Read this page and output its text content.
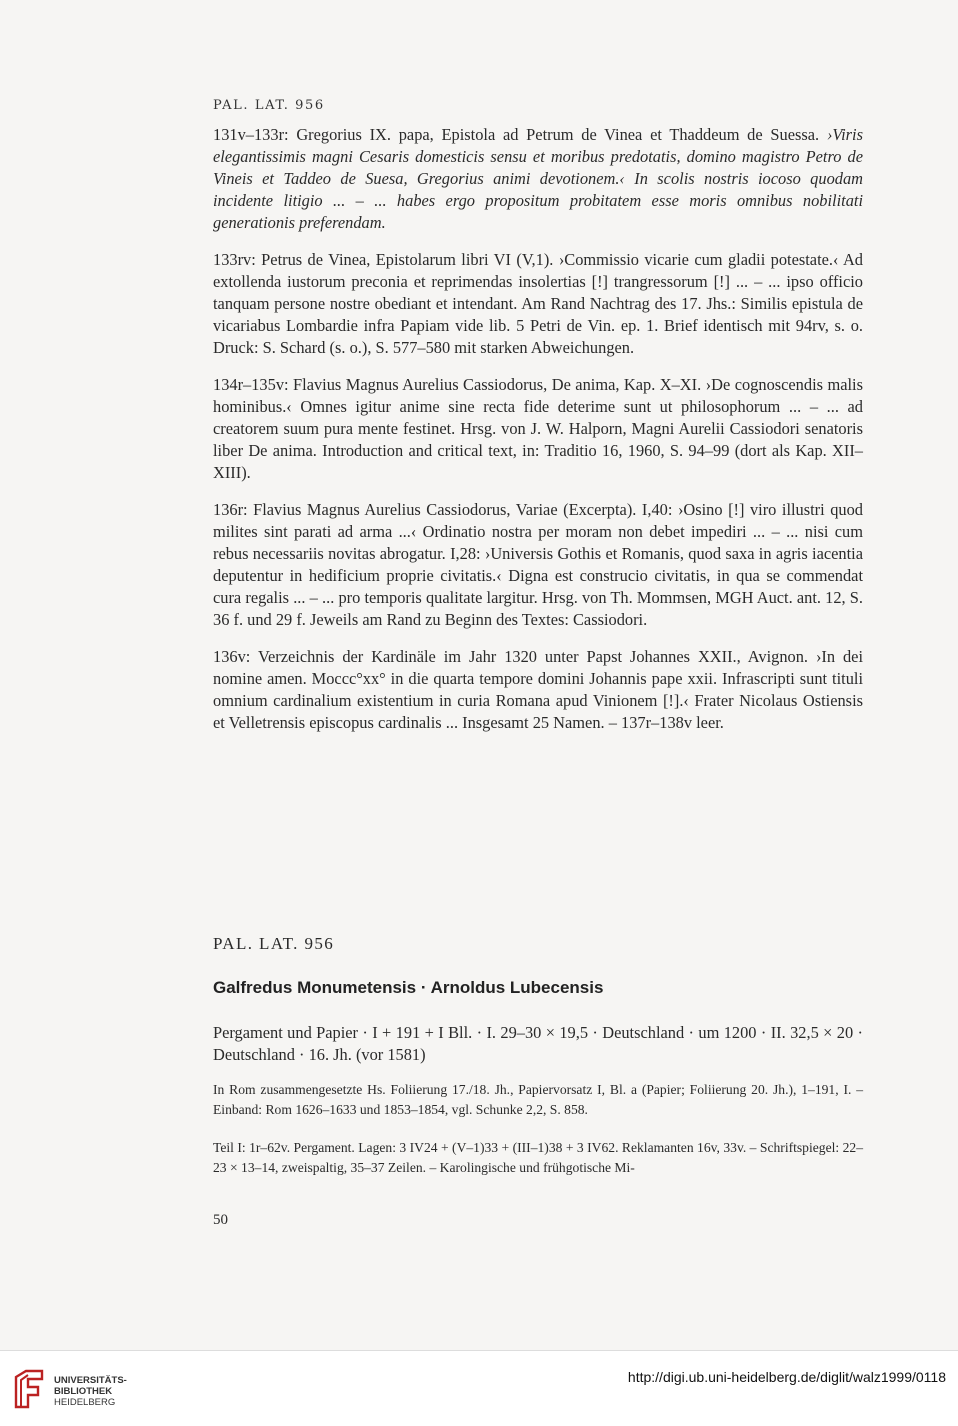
PAL. LAT. 956

131v–133r: Gregorius IX. papa, Epistola ad Petrum de Vinea et Thaddeum de Suessa. ›Viris elegantissimis magni Cesaris domesticis sensu et moribus predotatis, domino magistro Petro de Vineis et Taddeo de Suesa, Gregorius animi devotionem.‹ In scolis nostris iocoso quodam incidente litigio ... – ... habes ergo propositum probitatem esse moris omnibus nobilitati generationis preferendam.

133rv: Petrus de Vinea, Epistolarum libri VI (V,1). ›Commissio vicarie cum gladii potestate.‹ Ad extollenda iustorum preconia et reprimendas insolertias [!] trangressorum [!] ... – ... ipso officio tanquam persone nostre obediant et intendant. Am Rand Nachtrag des 17. Jhs.: Similis epistula de vicariabus Lombardie infra Papiam vide lib. 5 Petri de Vin. ep. 1. Brief identisch mit 94rv, s. o. Druck: S. Schard (s. o.), S. 577–580 mit starken Abweichungen.

134r–135v: Flavius Magnus Aurelius Cassiodorus, De anima, Kap. X–XI. ›De cognoscendis malis hominibus.‹ Omnes igitur anime sine recta fide deterime sunt ut philosophorum ... – ... ad creatorem suum pura mente festinet. Hrsg. von J. W. Halporn, Magni Aurelii Cassiodori senatoris liber De anima. Introduction and critical text, in: Traditio 16, 1960, S. 94–99 (dort als Kap. XII–XIII).

136r: Flavius Magnus Aurelius Cassiodorus, Variae (Excerpta). I,40: ›Osino [!] viro illustri quod milites sint parati ad arma ...‹ Ordinatio nostra per moram non debet impediri ... – ... nisi cum rebus necessariis novitas abrogatur. I,28: ›Universis Gothis et Romanis, quod saxa in agris iacentia deputentur in hedificium proprie civitatis.‹ Digna est construcio civitatis, in qua se commendat cura regalis ... – ... pro temporis qualitate largitur. Hrsg. von Th. Mommsen, MGH Auct. ant. 12, S. 36 f. und 29 f. Jeweils am Rand zu Beginn des Textes: Cassiodori.

136v: Verzeichnis der Kardinäle im Jahr 1320 unter Papst Johannes XXII., Avignon. ›In dei nomine amen. Moccc°xx° in die quarta tempore domini Johannis pape xxii. Infrascripti sunt tituli omnium cardinalium existentium in curia Romana apud Vinionem [!].‹ Frater Nicolaus Ostiensis et Velletrensis episcopus cardinalis ... Insgesamt 25 Namen. – 137r–138v leer.

PAL. LAT. 956
Galfredus Monumetensis · Arnoldus Lubecensis
Pergament und Papier · I + 191 + I Bll. · I. 29–30 × 19,5 · Deutschland · um 1200 · II. 32,5 × 20 · Deutschland · 16. Jh. (vor 1581)
In Rom zusammengesetzte Hs. Foliierung 17./18. Jh., Papiervorsatz I, Bl. a (Papier; Foliierung 20. Jh.), 1–191, I. – Einband: Rom 1626–1633 und 1853–1854, vgl. Schunke 2,2, S. 858.
Teil I: 1r–62v. Pergament. Lagen: 3 IV24 + (V–1)33 + (III–1)38 + 3 IV62. Reklamanten 16v, 33v. – Schriftspiegel: 22–23 × 13–14, zweispaltig, 35–37 Zeilen. – Karolingische und frühgotische Mi-
50
UNIVERSITÄTS-
BIBLIOTHEK
HEIDELBERG
http://digi.ub.uni-heidelberg.de/diglit/walz1999/0118
